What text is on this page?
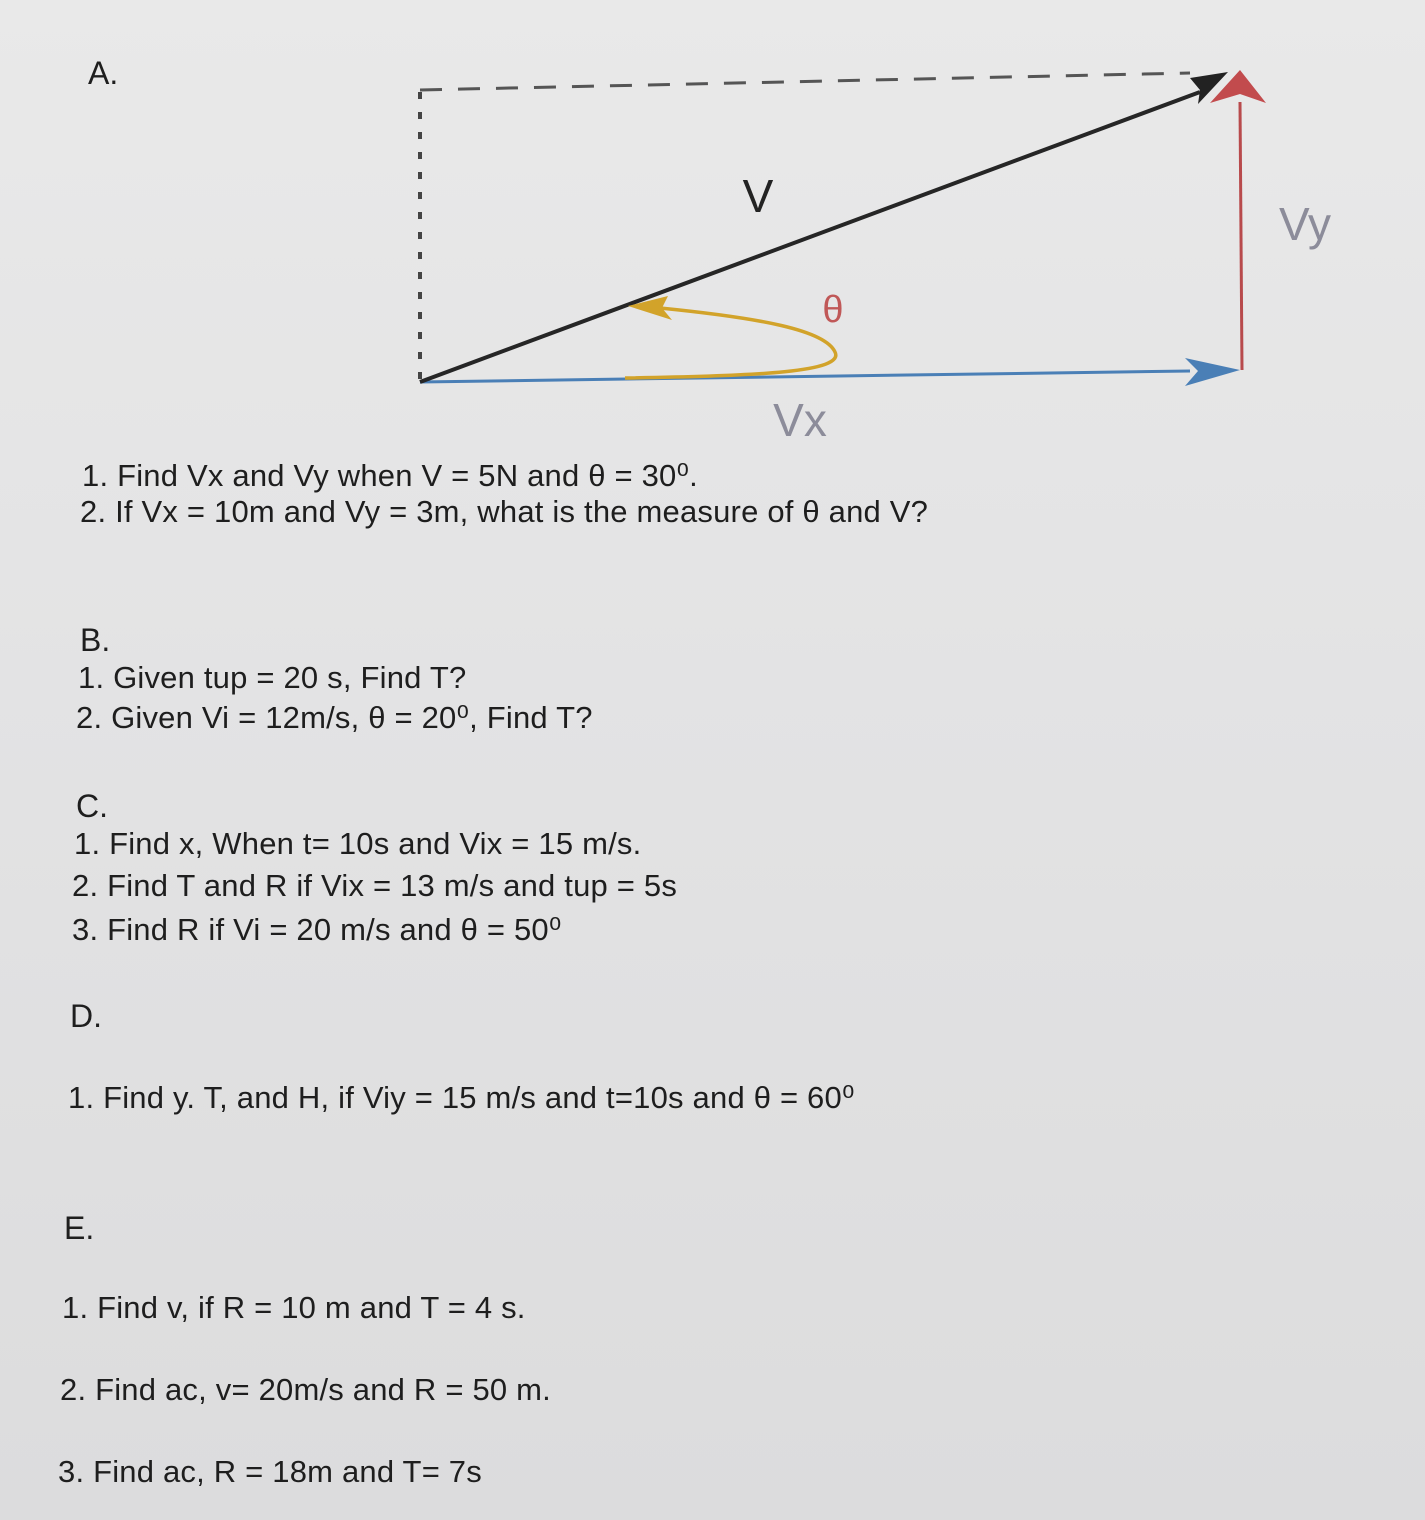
A.
V
Vy
Vx
θ
1. Find Vx and Vy when V = 5N and θ = 30⁰.
2. If Vx = 10m and Vy = 3m, what is the measure of θ and V?
B.
1. Given tup = 20 s, Find T?
2. Given Vi = 12m/s, θ = 20⁰, Find T?
C.
1. Find x, When t= 10s and Vix = 15 m/s.
2. Find T and R if Vix = 13 m/s and tup = 5s
3. Find R if Vi = 20 m/s and θ = 50⁰
D.
1. Find y. T, and H, if Viy = 15 m/s and t=10s and θ = 60⁰
E.
1. Find v, if R = 10 m and T = 4 s.
2. Find aᴄ, v= 20m/s and R = 50 m.
3. Find aᴄ, R = 18m and T= 7s
